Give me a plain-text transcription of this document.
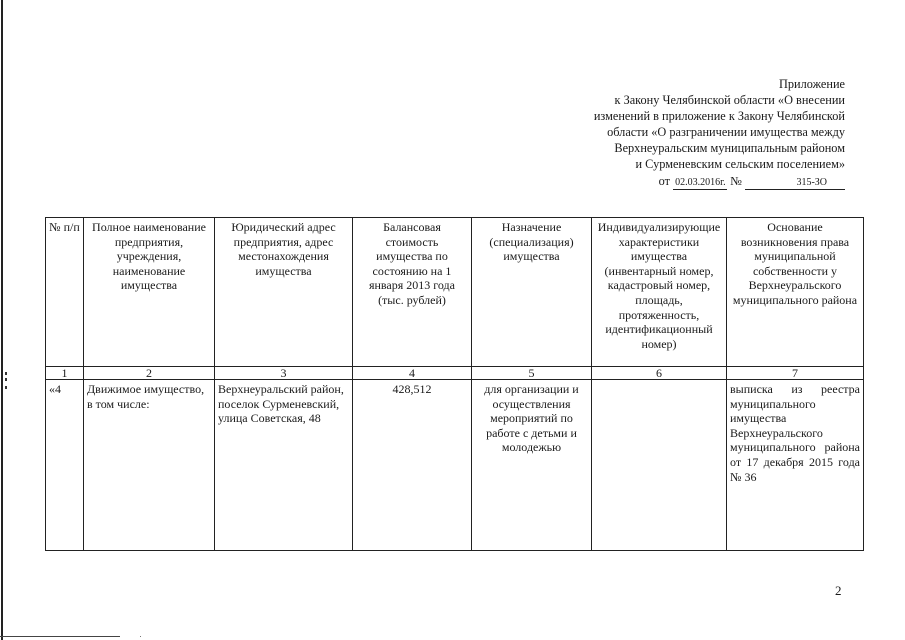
Приложение
к Закону Челябинской области «О внесении
изменений в приложение к Закону Челябинской
области «О разграничении имущества между
Верхнеуральским муниципальным районом
и Сурменевским сельским поселением»
от 02.03.2016г. №	315-ЗО
№ п/п	Полное наименование предприятия, учреждения, наименование имущества	Юридический адрес предприятия, адрес местонахождения имущества	Балансовая стоимость имущества по состоянию на 1 января 2013 года (тыс. рублей)	Назначение (специализация) имущества	Индивидуализирующие характеристики имущества (инвентарный номер, кадастровый номер, площадь, протяженность, идентификационный номер)	Основание возникновения права муниципальной собственности у Верхнеуральского муниципального района
1	2	3	4	5	6	7
«4	Движимое имущество, в том числе:	Верхнеуральский район, поселок Сурменевский, улица Советская, 48	428,512	для организации и осуществления мероприятий по работе с детьми и молодежью		выписка из реестра муниципального имущества Верхнеуральского муниципального района от 17 декабря 2015 года № 36
2
